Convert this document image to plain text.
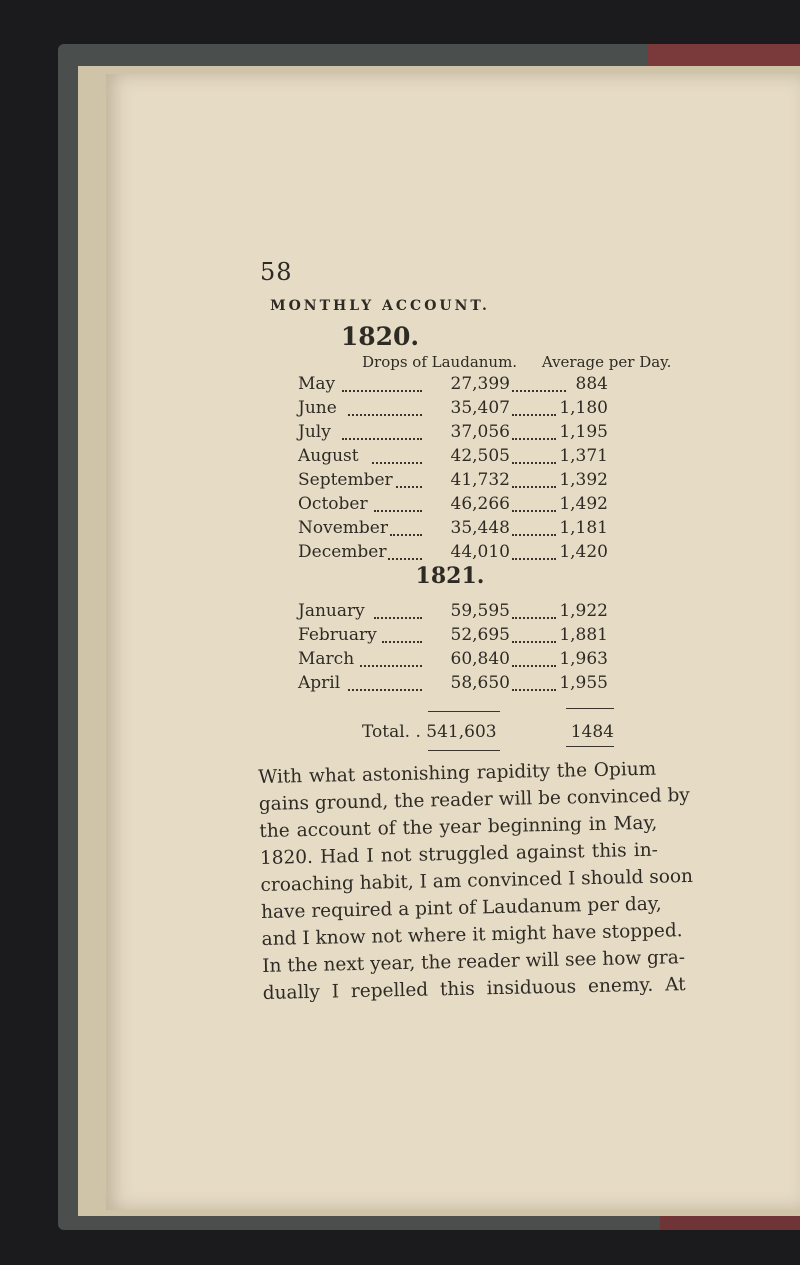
58
MONTHLY ACCOUNT.
1820.
Drops of Laudanum. Average per Day.
May	27,399	884
June	35,407	1,180
July	37,056	1,195
August	42,505	1,371
September	41,732	1,392
October	46,266	1,492
November	35,448	1,181
December	44,010	1,420
1821.
January	59,595	1,922
February	52,695	1,881
March	60,840	1,963
April	58,650	1,955
Total. . 541,603	1484
With what astonishing rapidity the Opium
gains ground, the reader will be convinced by
the account of the year beginning in May,
1820. Had I not struggled against this in-
croaching habit, I am convinced I should soon
have required a pint of Laudanum per day,
and I know not where it might have stopped.
In the next year, the reader will see how gra-
dually I repelled this insiduous enemy. At
